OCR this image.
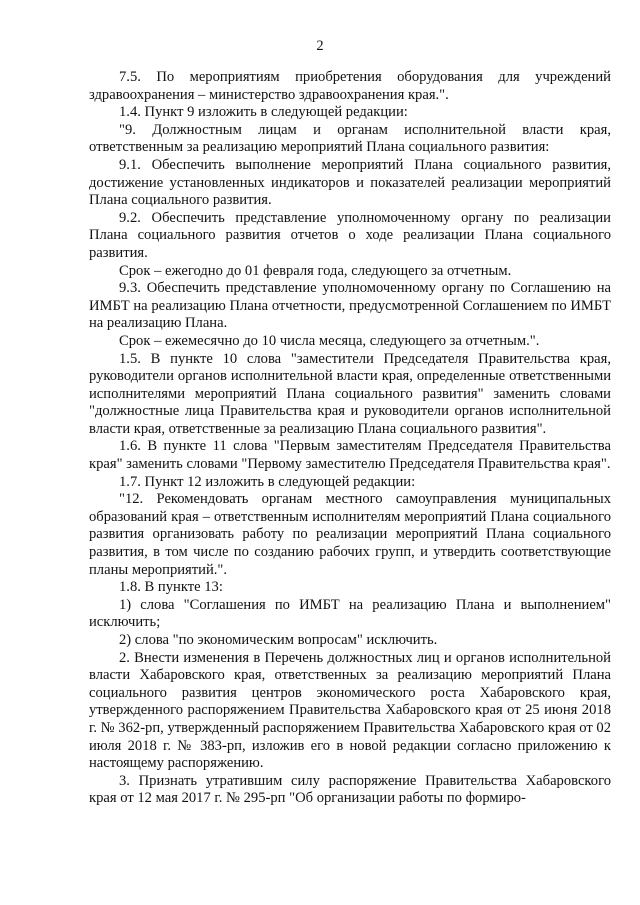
2

7.5. По мероприятиям приобретения оборудования для учреждений здравоохранения – министерство здравоохранения края.".

1.4. Пункт 9 изложить в следующей редакции:

"9. Должностным лицам и органам исполнительной власти края, ответственным за реализацию мероприятий Плана социального развития:

9.1. Обеспечить выполнение мероприятий Плана социального развития, достижение установленных индикаторов и показателей реализации мероприятий Плана социального развития.

9.2. Обеспечить представление уполномоченному органу по реализации Плана социального развития отчетов о ходе реализации Плана социального развития.

Срок – ежегодно до 01 февраля года, следующего за отчетным.

9.3. Обеспечить представление уполномоченному органу по Соглашению на ИМБТ на реализацию Плана отчетности, предусмотренной Соглашением по ИМБТ на реализацию Плана.

Срок – ежемесячно до 10 числа месяца, следующего за отчетным.".

1.5. В пункте 10 слова "заместители Председателя Правительства края, руководители органов исполнительной власти края, определенные ответственными исполнителями мероприятий Плана социального развития" заменить словами "должностные лица Правительства края и руководители органов исполнительной власти края, ответственные за реализацию Плана социального развития".

1.6. В пункте 11 слова "Первым заместителям Председателя Правительства края" заменить словами "Первому заместителю Председателя Правительства края".

1.7. Пункт 12 изложить в следующей редакции:

"12. Рекомендовать органам местного самоуправления муниципальных образований края – ответственным исполнителям мероприятий Плана социального развития организовать работу по реализации мероприятий Плана социального развития, в том числе по созданию рабочих групп, и утвердить соответствующие планы мероприятий.".

1.8. В пункте 13:

1) слова "Соглашения по ИМБТ на реализацию Плана и выполнением" исключить;

2) слова "по экономическим вопросам" исключить.

2. Внести изменения в Перечень должностных лиц и органов исполнительной власти Хабаровского края, ответственных за реализацию мероприятий Плана социального развития центров экономического роста Хабаровского края, утвержденного распоряжением Правительства Хабаровского края от 25 июня 2018 г. № 362-рп, утвержденный распоряжением Правительства Хабаровского края от 02 июля 2018 г. № 383-рп, изложив его в новой редакции согласно приложению к настоящему распоряжению.

3. Признать утратившим силу распоряжение Правительства Хабаровского края от 12 мая 2017 г. № 295-рп "Об организации работы по формиро-
